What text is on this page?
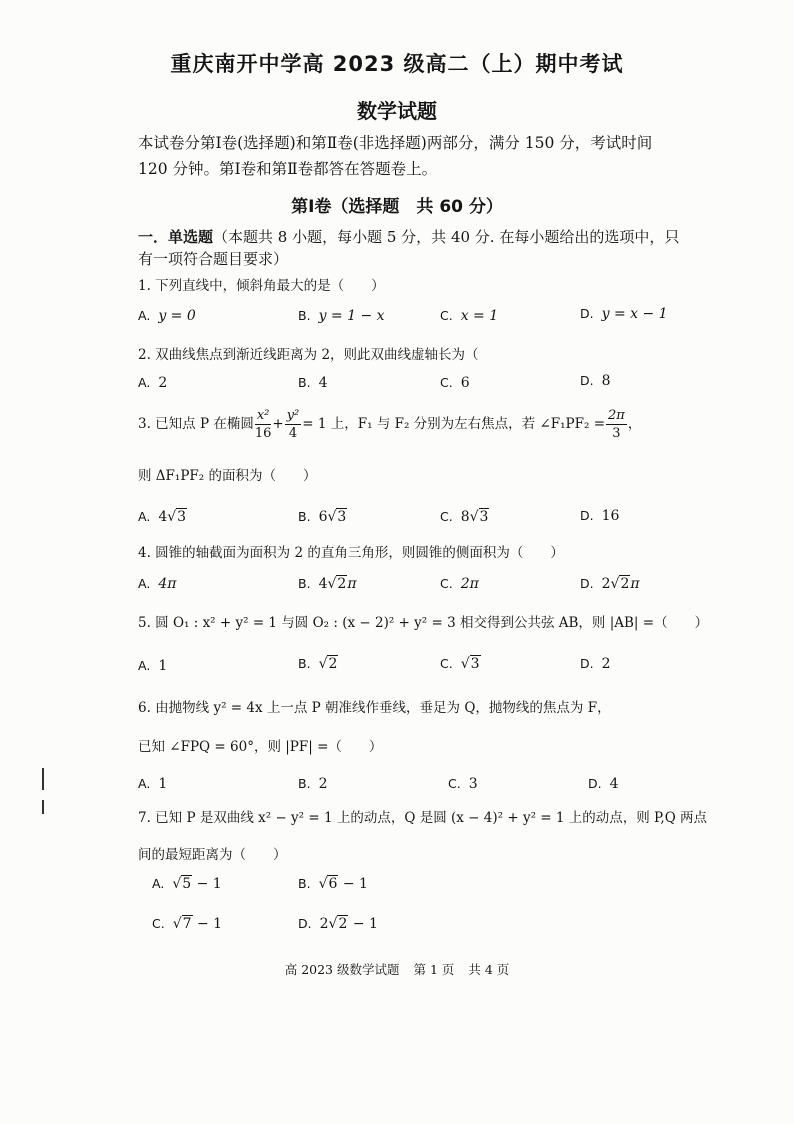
重庆南开中学高 2023 级高二（上）期中考试
数学试题
本试卷分第Ⅰ卷(选择题)和第Ⅱ卷(非选择题)两部分，满分 150 分，考试时间
120 分钟。第Ⅰ卷和第Ⅱ卷都答在答题卷上。
第Ⅰ卷（选择题　共 60 分）
一．单选题（本题共 8 小题，每小题 5 分，共 40 分. 在每小题给出的选项中，只
有一项符合题目要求）
1. 下列直线中，倾斜角最大的是（　　）
A. y = 0	B. y = 1 − x	C. x = 1	D. y = x − 1
2. 双曲线焦点到渐近线距离为 2，则此双曲线虚轴长为（
A. 2	B. 4	C. 6	D. 8
3. 已知点 P 在椭圆 $\frac{\text{x²}}{16} + \frac{\text{y²}}{4} = 1$ 上，F₁ 与 F₂ 分别为左右焦点，若 ∠F₁PF₂ = $\frac{2\pi}{3}$ ，
则 ΔF₁PF₂ 的面积为（　　）
A. 4√3	B. 6√3	C. 8√3	D. 16
4. 圆锥的轴截面为面积为 2 的直角三角形，则圆锥的侧面积为（　　）
A. 4π	B. 4√2π	C. 2π	D. 2√2π
5. 圆 O₁ : x² + y² = 1 与圆 O₂ : (x − 2)² + y² = 3 相交得到公共弦 AB，则 |AB| =（　　）
A. 1	B. √2	C. √3	D. 2
6. 由抛物线 y² = 4x 上一点 P 朝准线作垂线，垂足为 Q，抛物线的焦点为 F，
已知 ∠FPQ = 60°，则 |PF| =（　　）
A. 1	B. 2	C. 3	D. 4
7. 已知 P 是双曲线 x² − y² = 1 上的动点，Q 是圆 (x − 4)² + y² = 1 上的动点，则 P,Q 两点
间的最短距离为（　　）
A. √5 − 1	B. √6 − 1
C. √7 − 1	D. 2√2 − 1
高 2023 级数学试题 第 1 页 共 4 页
